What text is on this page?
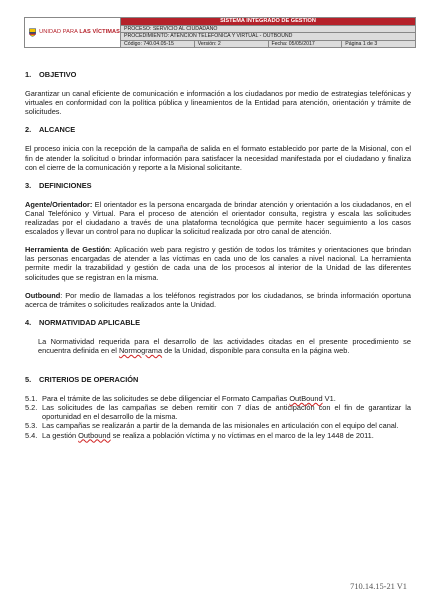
UNIDAD PARA LAS VÍCTIMAS	SISTEMA INTEGRADO DE GESTIÓN			
	PROCESO: SERVICIO AL CIUDADANO			
	PROCEDIMIENTO: ATENCIÓN TELEFÓNICA Y VIRTUAL - OUTBOUND			
	Código: 740.04.05-15	Versión: 2	Fecha: 05/05/2017	Página 1 de 3
1. OBJETIVO

Garantizar un canal eficiente de comunicación e información a los ciudadanos por medio de estrategias telefónicas y virtuales en conformidad con la política pública y lineamientos de la Entidad para atención, orientación y trámite de solicitudes.

2. ALCANCE

El proceso inicia con la recepción de la campaña de salida en el formato establecido por parte de la Misional, con el fin de atender la solicitud o brindar información para satisfacer la necesidad manifestada por el ciudadano y finaliza con el cierre de la comunicación y reporte a la Misional solicitante.

3. DEFINICIONES

Agente/Orientador: El orientador es la persona encargada de brindar atención y orientación a los ciudadanos, en el Canal Telefónico y Virtual. Para el proceso de atención el orientador consulta, registra y escala las solicitudes realizadas por el ciudadano a través de una plataforma tecnológica que permite hacer seguimiento a los casos escalados y llevar un control para no duplicar la solicitud realizada por otro canal de atención.

Herramienta de Gestión: Aplicación web para registro y gestión de todos los trámites y orientaciones que brindan las personas encargadas de atender a las víctimas en cada uno de los canales a nivel nacional. La herramienta permite medir la trazabilidad y gestión de cada una de los procesos al interior de la Unidad de las diferentes solicitudes que se registran en la misma.

Outbound: Por medio de llamadas a los teléfonos registrados por los ciudadanos, se brinda información oportuna acerca de trámites o solicitudes realizados ante la Unidad.

4. NORMATIVIDAD APLICABLE

La Normatividad requerida para el desarrollo de las actividades citadas en el presente procedimiento se encuentra definida en el Normograma de la Unidad, disponible para consulta en la página web.

5. CRITERIOS DE OPERACIÓN
5.1. Para el trámite de las solicitudes se debe diligenciar el Formato Campañas OutBound V1.
5.2. Las solicitudes de las campañas se deben remitir con 7 días de anticipación con el fin de garantizar la oportunidad en el desarrollo de la misma.
5.3. Las campañas se realizarán a partir de la demanda de las misionales en articulación con el equipo del canal.
5.4. La gestión Outbound se realiza a población víctima y no víctimas en el marco de la ley 1448 de 2011.
710.14.15-21 V1
